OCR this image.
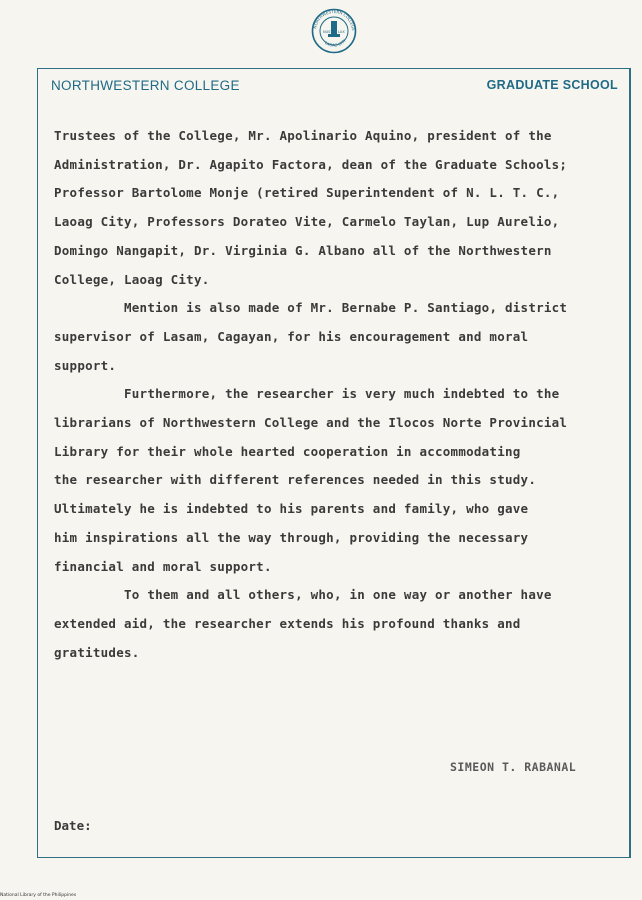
NORTHWESTERN COLLEGE
LAOAG CITY
NUST LUX
NORTHWESTERN COLLEGE	GRADUATE SCHOOL

Trustees of the College, Mr. Apolinario Aquino, president of the
Administration, Dr. Agapito Factora, dean of the Graduate Schools;
Professor Bartolome Monje (retired Superintendent of N. L. T. C.,
Laoag City, Professors Dorateo Vite, Carmelo Taylan, Lup Aurelio,
Domingo Nangapit, Dr. Virginia G. Albano all of the Northwestern
College, Laoag City.

Mention is also made of Mr. Bernabe P. Santiago, district
supervisor of Lasam, Cagayan, for his encouragement and moral
support.

Furthermore, the researcher is very much indebted to the
librarians of Northwestern College and the Ilocos Norte Provincial
Library for their whole hearted cooperation in accommodating
the researcher with different references needed in this study.
Ultimately he is indebted to his parents and family, who gave
him inspirations all the way through, providing the necessary
financial and moral support.

To them and all others, who, in one way or another have
extended aid, the researcher extends his profound thanks and
gratitudes.

SIMEON T. RABANAL
Date:
National Library of the Philippines
